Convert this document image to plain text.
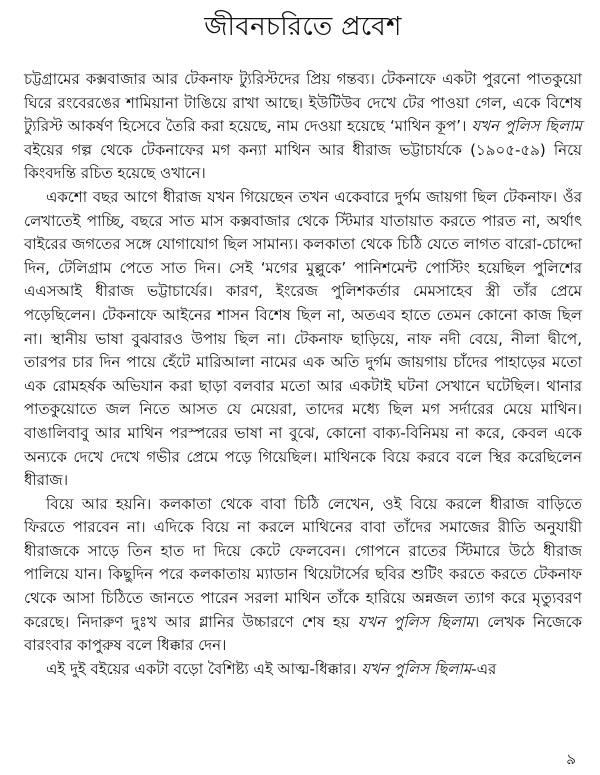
জীবনচরিতে প্রবেশ

চট্টগ্রামের কক্সবাজার আর টেকনাফ ট্যুরিস্টদের প্রিয় গন্তব্য। টেকনাফে একটা পুরনো পাতকুয়ো ঘিরে রংবেরঙের শামিয়ানা টাঙিয়ে রাখা আছে। ইউটিউব দেখে টের পাওয়া গেল, একে বিশেষ ট্যুরিস্ট আকর্ষণ হিসেবে তৈরি করা হয়েছে, নাম দেওয়া হয়েছে ‘মাথিন কূপ’। যখন পুলিস ছিলাম বইয়ের গল্প থেকে টেকনাফের মগ কন্যা মাথিন আর ধীরাজ ভট্টাচার্যকে (১৯০৫-৫৯) নিয়ে কিংবদন্তি রচিত হয়েছে ওখানে।

একশো বছর আগে ধীরাজ যখন গিয়েছেন তখন একেবারে দুর্গম জায়গা ছিল টেকনাফ। ওঁর লেখাতেই পাচ্ছি, বছরে সাত মাস কক্সবাজার থেকে স্টিমার যাতায়াত করতে পারত না, অর্থাৎ বাইরের জগতের সঙ্গে যোগাযোগ ছিল সামান্য। কলকাতা থেকে চিঠি যেতে লাগত বারো-চোদ্দো দিন, টেলিগ্রাম পেতে সাত দিন। সেই ‘মগের মুল্লুকে’ পানিশমেন্ট পোস্টিং হয়েছিল পুলিশের এএসআই ধীরাজ ভট্টাচার্যের। কারণ, ইংরেজ পুলিশকর্তার মেমসাহেব স্ত্রী তাঁর প্রেমে পড়েছিলেন। টেকনাফে আইনের শাসন বিশেষ ছিল না, অতএব হাতে তেমন কোনো কাজ ছিল না। স্থানীয় ভাষা বুঝবারও উপায় ছিল না। টেকনাফ ছাড়িয়ে, নাফ নদী বেয়ে, নীলা দ্বীপে, তারপর চার দিন পায়ে হেঁটে মারিআলা নামের এক অতি দুর্গম জায়গায় চাঁদের পাহাড়ের মতো এক রোমহর্ষক অভিযান করা ছাড়া বলবার মতো আর একটাই ঘটনা সেখানে ঘটেছিল। থানার পাতকুয়োতে জল নিতে আসত যে মেয়েরা, তাদের মধ্যে ছিল মগ সর্দারের মেয়ে মাথিন। বাঙালিবাবু আর মাথিন পরস্পরের ভাষা না বুঝে, কোনো বাক্য-বিনিময় না করে, কেবল একে অন্যকে দেখে দেখে গভীর প্রেমে পড়ে গিয়েছিল। মাথিনকে বিয়ে করবে বলে স্থির করেছিলেন ধীরাজ।

বিয়ে আর হয়নি। কলকাতা থেকে বাবা চিঠি লেখেন, ওই বিয়ে করলে ধীরাজ বাড়িতে ফিরতে পারবেন না। এদিকে বিয়ে না করলে মাথিনের বাবা তাঁদের সমাজের রীতি অনুযায়ী ধীরাজকে সাড়ে তিন হাত দা দিয়ে কেটে ফেলবেন। গোপনে রাতের স্টিমারে উঠে ধীরাজ পালিয়ে যান। কিছুদিন পরে কলকাতায় ম্যাডান থিয়েটার্সের ছবির শুটিং করতে করতে টেকনাফ থেকে আসা চিঠিতে জানতে পারেন সরলা মাথিন তাঁকে হারিয়ে অন্নজল ত্যাগ করে মৃত্যুবরণ করেছে। নিদারুণ দুঃখ আর গ্লানির উচ্চারণে শেষ হয় যখন পুলিস ছিলাম। লেখক নিজেকে বারংবার কাপুরুষ বলে ধিক্কার দেন।

এই দুই বইয়ের একটা বড়ো বৈশিষ্ট্য এই আত্ম-ধিক্কার। যখন পুলিস ছিলাম-এর

৯
